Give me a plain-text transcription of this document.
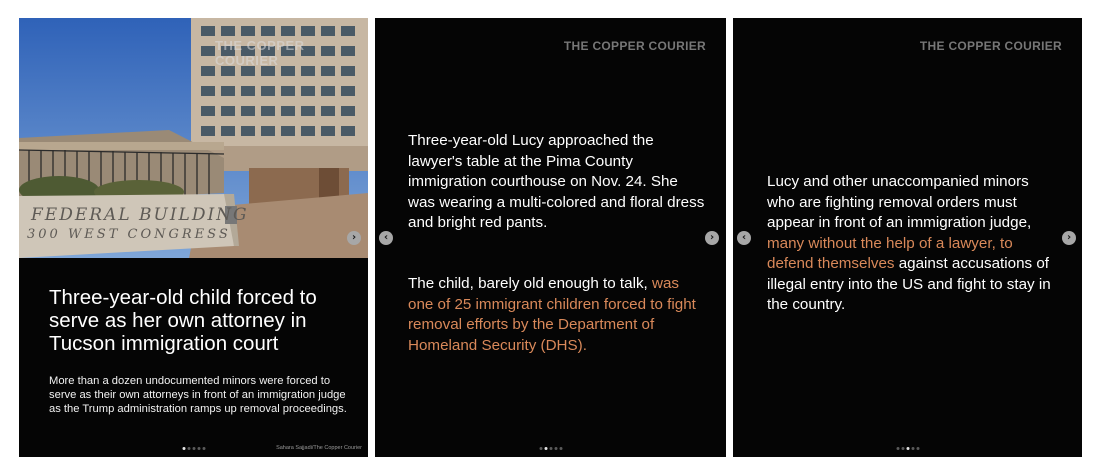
THE COPPER COURIER
FEDERAL BUILDING
300 WEST CONGRESS
Three-year-old child forced to serve as her own attorney in Tucson immigration court
More than a dozen undocumented minors were forced to serve as their own attorneys in front of an immigration judge as the Trump administration ramps up removal proceedings.
Sahara Sajjadi/The Copper Courier
THE COPPER COURIER
Three-year-old Lucy approached the lawyer's table at the Pima County immigration courthouse on Nov. 24. She was wearing a multi-colored and floral dress and bright red pants.
The child, barely old enough to talk, was one of 25 immigrant children forced to fight removal efforts by the Department of Homeland Security (DHS).
THE COPPER COURIER
Lucy and other unaccompanied minors who are fighting removal orders must appear in front of an immigration judge, many without the help of a lawyer, to defend themselves against accusations of illegal entry into the US and fight to stay in the country.
›	‹	›	‹	›
